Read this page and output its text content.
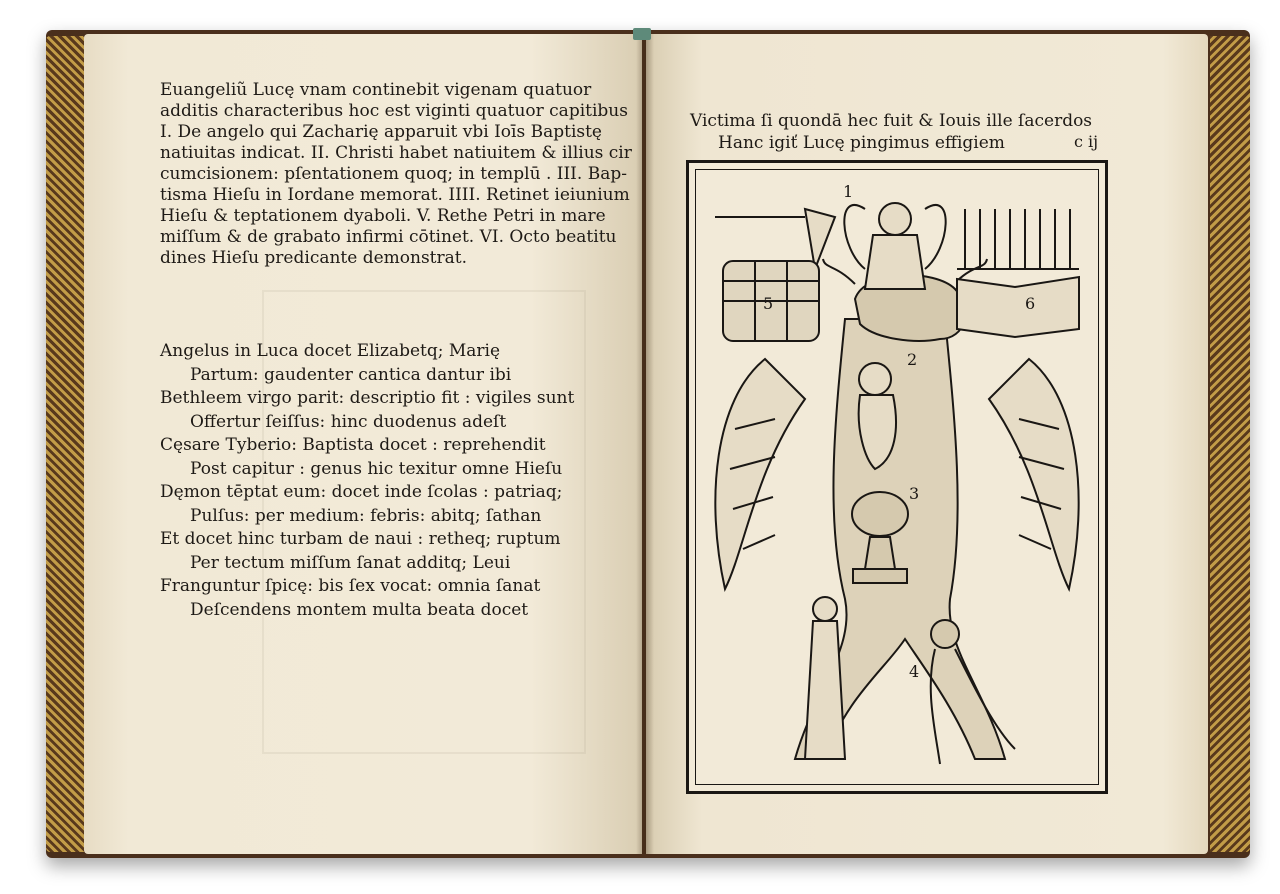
Euangeliũ Lucę vnam continebit vigenam quatuor
additis characteribus hoc est viginti quatuor capitibus
I. De angelo qui Zacharię apparuit vbi Ioīs Baptistę
natiuitas indicat. II. Christi habet natiuitem & illius cir
cumcisionem: pſentationem quoq; in templū . III. Bap-
tisma Hieſu in Iordane memorat. IIII. Retinet ieiunium
Hieſu & teptationem dyaboli. V. Rethe Petri in mare
miſſum & de grabato infirmi cōtinet. VI. Octo beatitu
dines Hieſu predicante demonstrat.
Angelus in Luca docet Elizabetq; Marię
Partum: gaudenter cantica dantur ibi
Bethleem virgo parit: descriptio fit : vigiles sunt
Offertur ſeiſſus: hinc duodenus adeſt
Cęsare Tyberio: Baptista docet : reprehendit
Post capitur : genus hic texitur omne Hieſu
Dęmon tēptat eum: docet inde ſcolas : patriaq;
Pulſus: per medium: febris: abitq; ſathan
Et docet hinc turbam de naui : retheq; ruptum
Per tectum miſſum ſanat additq; Leui
Franguntur ſpicę: bis ſex vocat: omnia ſanat
Deſcendens montem multa beata docet
Victima ſi quondā hec fuit & Iouis ille ſacerdos
Hanc igiť Lucę pingimus effigiem	c ij
1
2
3
4
5	6
